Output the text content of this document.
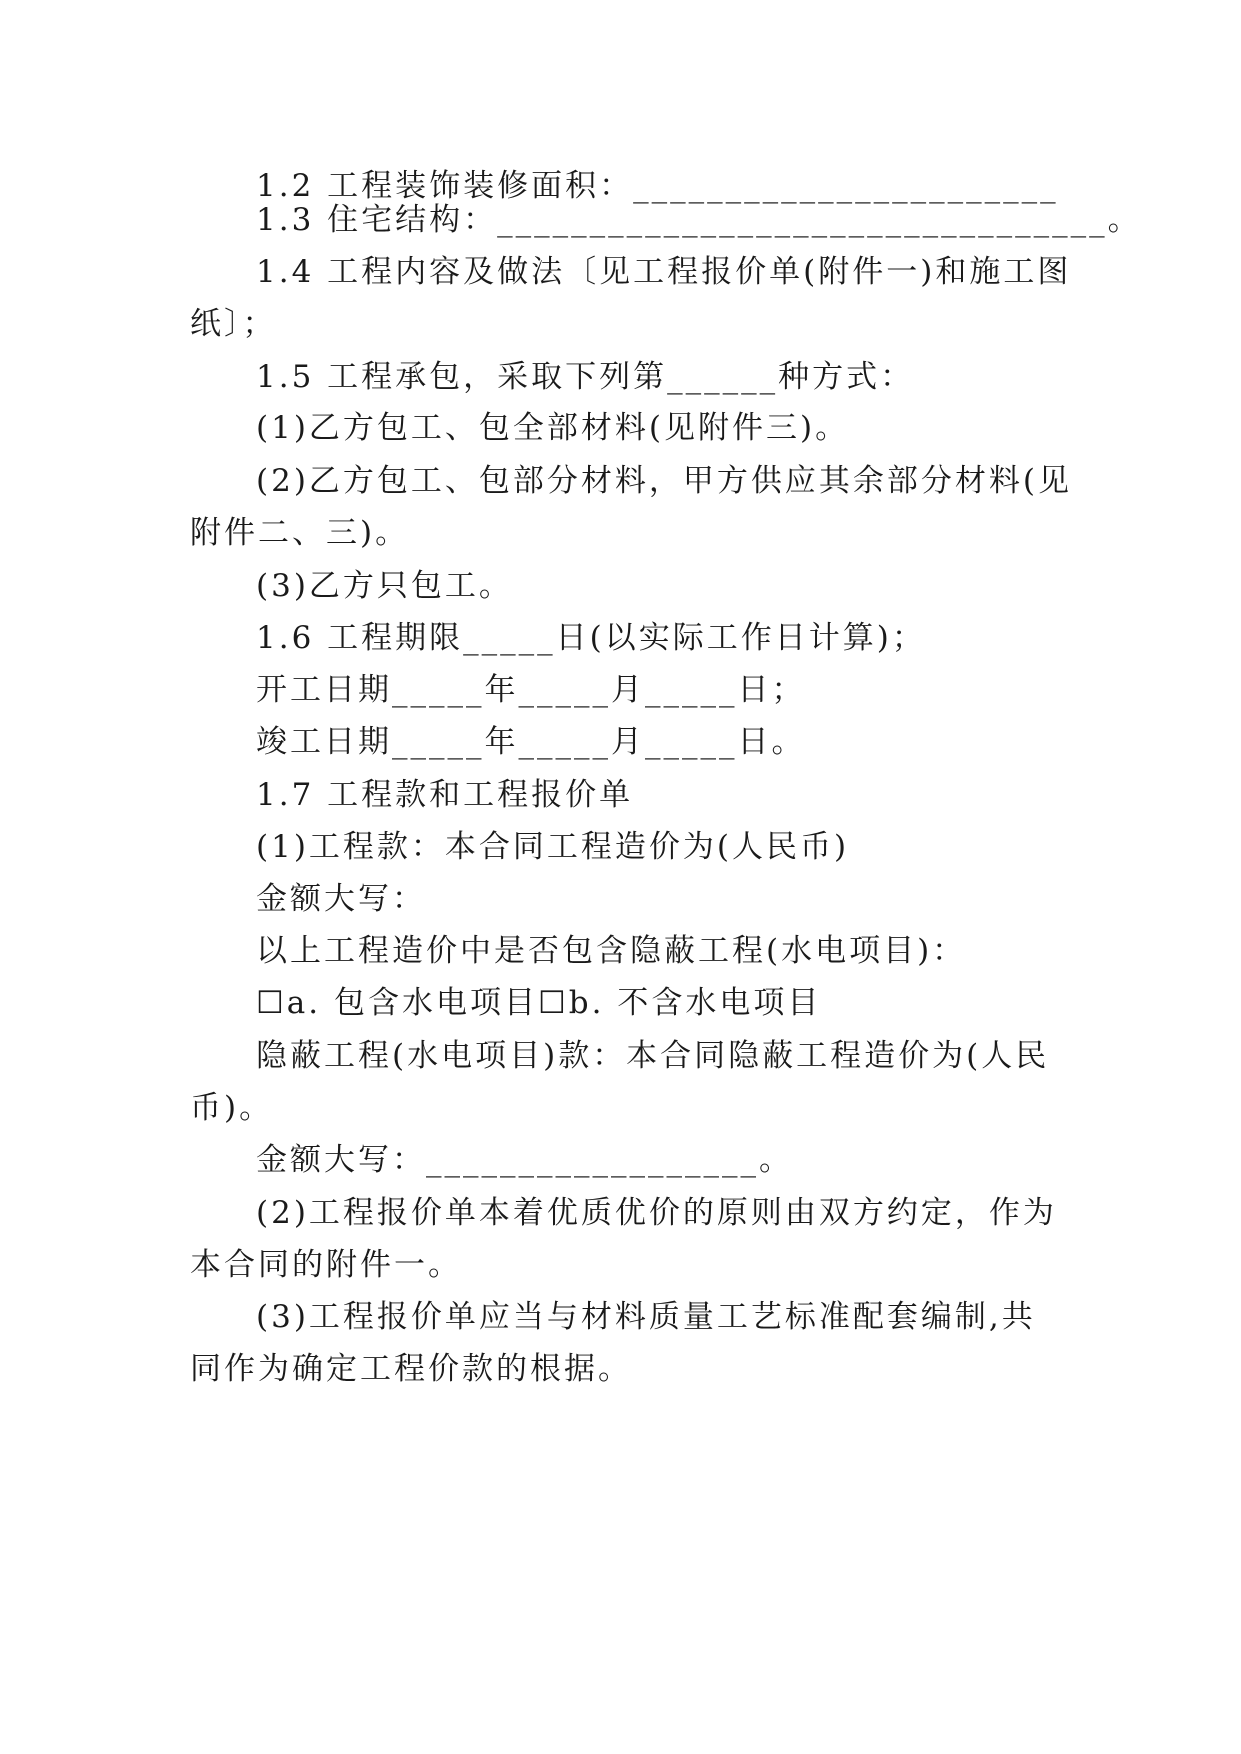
1.2 工程装饰装修面积：_______________________
1.3 住宅结构：_________________________________。
1.4 工程内容及做法〔见工程报价单(附件一)和施工图
纸〕；
1.5 工程承包，采取下列第______种方式：
(1)乙方包工、包全部材料(见附件三)。
(2)乙方包工、包部分材料，甲方供应其余部分材料(见
附件二、三)。
(3)乙方只包工。
1.6 工程期限_____日(以实际工作日计算)；
开工日期_____年_____月_____日；
竣工日期_____年_____月_____日。
1.7 工程款和工程报价单
(1)工程款：本合同工程造价为(人民币)
金额大写：
以上工程造价中是否包含隐蔽工程(水电项目)：
☐a. 包含水电项目☐b. 不含水电项目
隐蔽工程(水电项目)款：本合同隐蔽工程造价为(人民
币)。
金额大写：__________________。
(2)工程报价单本着优质优价的原则由双方约定，作为
本合同的附件一。
(3)工程报价单应当与材料质量工艺标准配套编制,共
同作为确定工程价款的根据。
